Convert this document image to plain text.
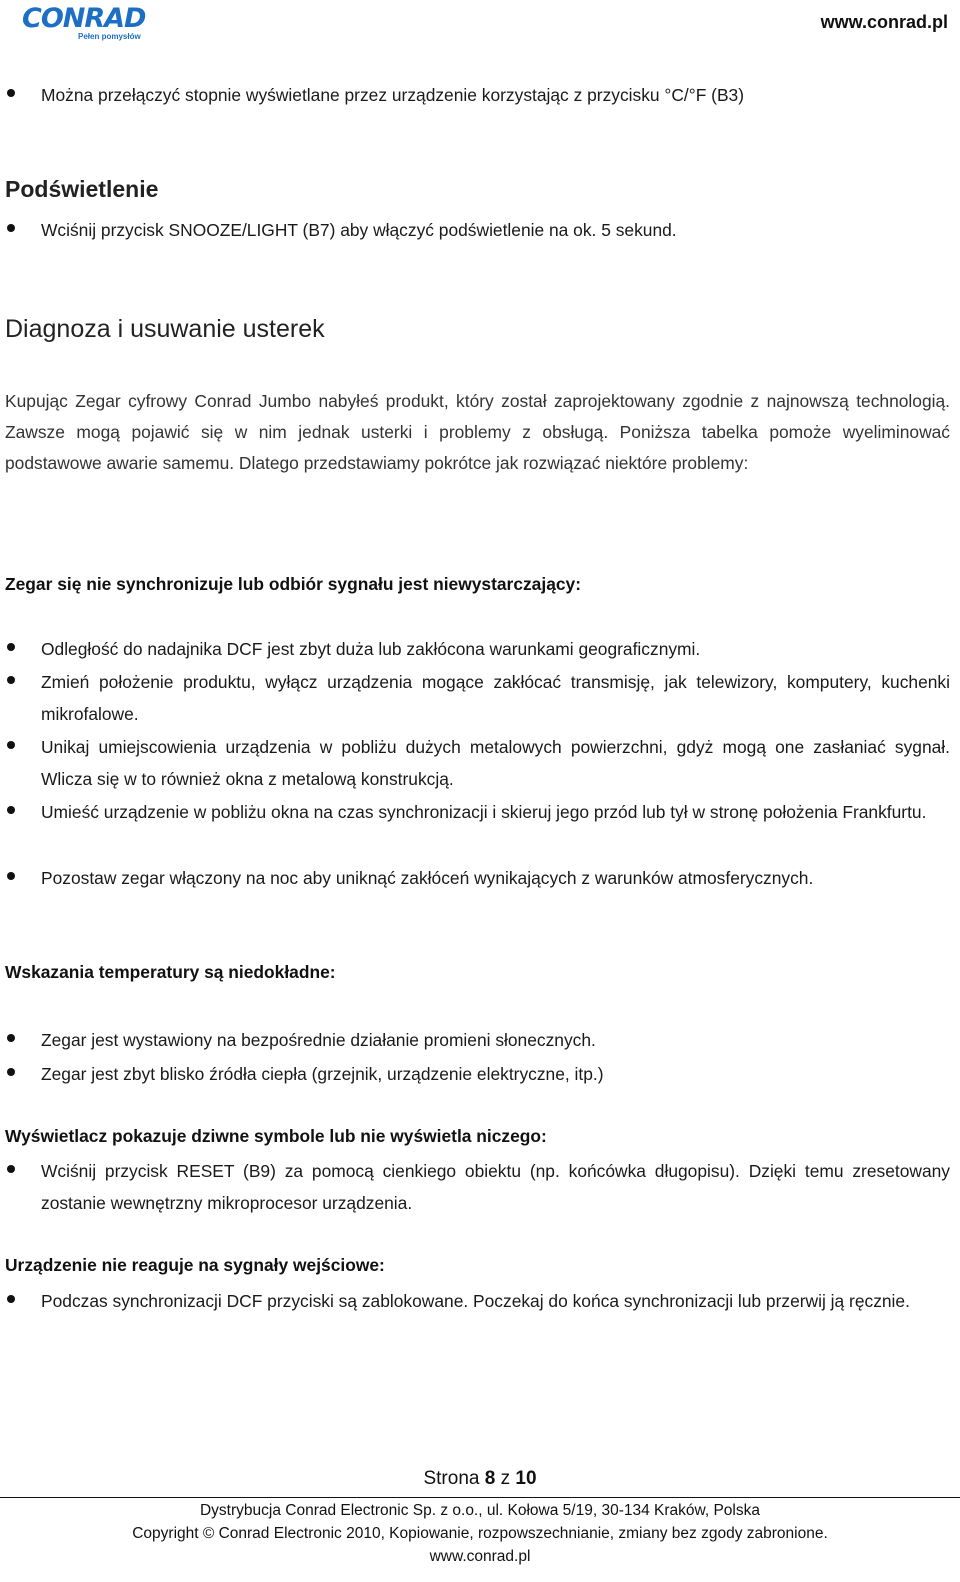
CONRAD
Pełen pomysłów
www.conrad.pl
Można przełączyć stopnie wyświetlane przez urządzenie korzystając z przycisku °C/°F (B3)
Podświetlenie
Wciśnij przycisk SNOOZE/LIGHT (B7) aby włączyć podświetlenie na ok. 5 sekund.
Diagnoza i usuwanie usterek
Kupując Zegar cyfrowy Conrad Jumbo nabyłeś produkt, który został zaprojektowany zgodnie z najnowszą technologią. Zawsze mogą pojawić się w nim jednak usterki i problemy z obsługą. Poniższa tabelka pomoże wyeliminować podstawowe awarie samemu. Dlatego przedstawiamy pokrótce jak rozwiązać niektóre problemy:
Zegar się nie synchronizuje lub odbiór sygnału jest niewystarczający:
Odległość do nadajnika DCF jest zbyt duża lub zakłócona warunkami geograficznymi.
Zmień położenie produktu, wyłącz urządzenia mogące zakłócać transmisję, jak telewizory, komputery, kuchenki mikrofalowe.
Unikaj umiejscowienia urządzenia w pobliżu dużych metalowych powierzchni, gdyż mogą one zasłaniać sygnał. Wlicza się w to również okna z metalową konstrukcją.
Umieść urządzenie w pobliżu okna na czas synchronizacji i skieruj jego przód lub tył w stronę położenia Frankfurtu.
Pozostaw zegar włączony na noc aby uniknąć zakłóceń wynikających z warunków atmosferycznych.
Wskazania temperatury są niedokładne:
Zegar jest wystawiony na bezpośrednie działanie promieni słonecznych.
Zegar jest zbyt blisko źródła ciepła (grzejnik, urządzenie elektryczne, itp.)
Wyświetlacz pokazuje dziwne symbole lub nie wyświetla niczego:
Wciśnij przycisk RESET (B9) za pomocą cienkiego obiektu (np. końcówka długopisu). Dzięki temu zresetowany zostanie wewnętrzny mikroprocesor urządzenia.
Urządzenie nie reaguje na sygnały wejściowe:
Podczas synchronizacji DCF przyciski są zablokowane. Poczekaj do końca synchronizacji lub przerwij ją ręcznie.
Strona 8 z 10
Dystrybucja Conrad Electronic Sp. z o.o., ul. Kołowa 5/19, 30-134 Kraków, Polska
Copyright © Conrad Electronic 2010, Kopiowanie, rozpowszechnianie, zmiany bez zgody zabronione.
www.conrad.pl
